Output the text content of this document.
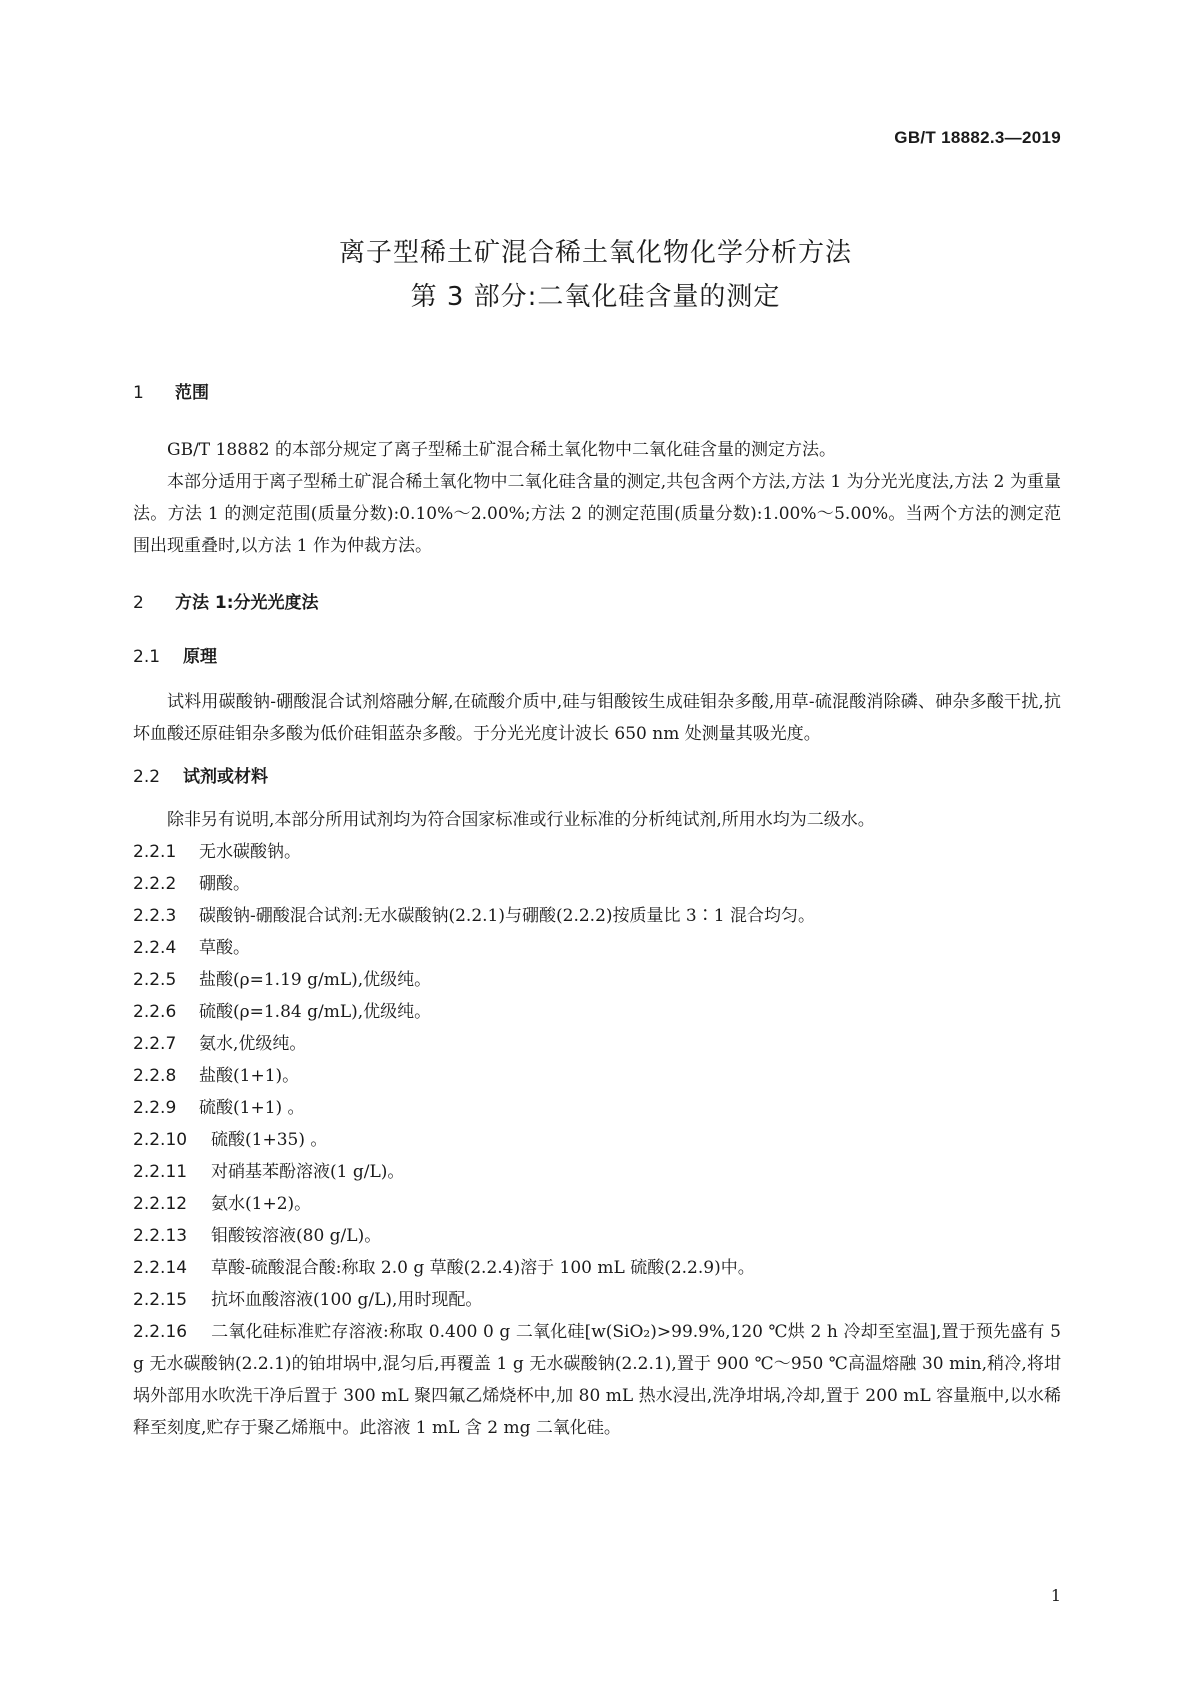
GB/T 18882.3—2019
离子型稀土矿混合稀土氧化物化学分析方法
第 3 部分:二氧化硅含量的测定
1 范围
GB/T 18882 的本部分规定了离子型稀土矿混合稀土氧化物中二氧化硅含量的测定方法。
本部分适用于离子型稀土矿混合稀土氧化物中二氧化硅含量的测定,共包含两个方法,方法 1 为分光光度法,方法 2 为重量法。方法 1 的测定范围(质量分数):0.10%～2.00%;方法 2 的测定范围(质量分数):1.00%～5.00%。当两个方法的测定范围出现重叠时,以方法 1 作为仲裁方法。
2 方法 1:分光光度法
2.1 原理
试料用碳酸钠-硼酸混合试剂熔融分解,在硫酸介质中,硅与钼酸铵生成硅钼杂多酸,用草-硫混酸消除磷、砷杂多酸干扰,抗坏血酸还原硅钼杂多酸为低价硅钼蓝杂多酸。于分光光度计波长 650 nm 处测量其吸光度。
2.2 试剂或材料
除非另有说明,本部分所用试剂均为符合国家标准或行业标准的分析纯试剂,所用水均为二级水。
2.2.1 无水碳酸钠。
2.2.2 硼酸。
2.2.3 碳酸钠-硼酸混合试剂:无水碳酸钠(2.2.1)与硼酸(2.2.2)按质量比 3∶1 混合均匀。
2.2.4 草酸。
2.2.5 盐酸(ρ=1.19 g/mL),优级纯。
2.2.6 硫酸(ρ=1.84 g/mL),优级纯。
2.2.7 氨水,优级纯。
2.2.8 盐酸(1+1)。
2.2.9 硫酸(1+1) 。
2.2.10 硫酸(1+35) 。
2.2.11 对硝基苯酚溶液(1 g/L)。
2.2.12 氨水(1+2)。
2.2.13 钼酸铵溶液(80 g/L)。
2.2.14 草酸-硫酸混合酸:称取 2.0 g 草酸(2.2.4)溶于 100 mL 硫酸(2.2.9)中。
2.2.15 抗坏血酸溶液(100 g/L),用时现配。
2.2.16 二氧化硅标准贮存溶液:称取 0.400 0 g 二氧化硅[w(SiO₂)>99.9%,120 ℃烘 2 h 冷却至室温],置于预先盛有 5 g 无水碳酸钠(2.2.1)的铂坩埚中,混匀后,再覆盖 1 g 无水碳酸钠(2.2.1),置于 900 ℃～950 ℃高温熔融 30 min,稍冷,将坩埚外部用水吹洗干净后置于 300 mL 聚四氟乙烯烧杯中,加 80 mL 热水浸出,洗净坩埚,冷却,置于 200 mL 容量瓶中,以水稀释至刻度,贮存于聚乙烯瓶中。此溶液 1 mL 含 2 mg 二氧化硅。
1
